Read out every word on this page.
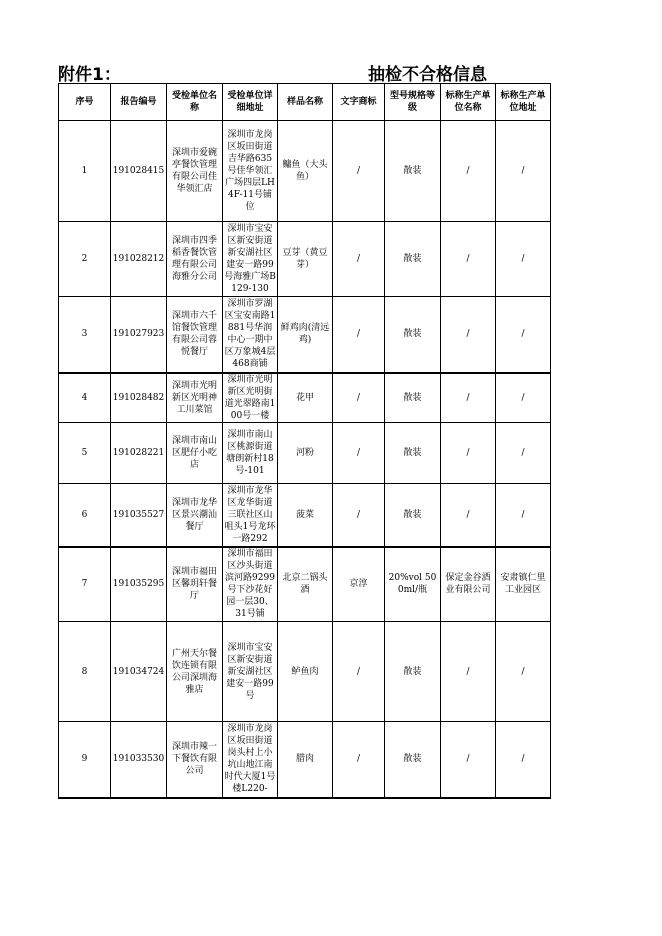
附件1：	抽检不合格信息
序号	报告编号	受检单位名称	受检单位详细地址	样品名称	文字商标	型号规格等级	标称生产单位名称	标称生产单位地址
1	191028415	深圳市爱碗亭餐饮管理有限公司佳华领汇店	深圳市龙岗区坂田街道吉华路635号佳华领汇广场四层LH4F-11号铺位	鳙鱼（大头鱼）	/	散装	/	/
2	191028212	深圳市四季稻香餐饮管理有限公司海雅分公司	深圳市宝安区新安街道新安湖社区建安一路99号海雅广场B129-130	豆芽（黄豆芽）	/	散装	/	/
3	191027923	深圳市六千馆餐饮管理有限公司蓉悦餐厅	深圳市罗湖区宝安南路1881号华润中心一期中区万象城4层468商铺	鲜鸡肉(清远鸡)	/	散装	/	/
4	191028482	深圳市光明新区光明神工川菜馆	深圳市光明新区光明街道光翠路南100号一楼	花甲	/	散装	/	/
5	191028221	深圳市南山区肥仔小吃店	深圳市南山区桃源街道塘朗新村18号-101	河粉	/	散装	/	/
6	191035527	深圳市龙华区景兴潮汕餐厅	深圳市龙华区龙华街道三联社区山咀头1号龙环一路292	菠菜	/	散装	/	/
7	191035295	深圳市福田区馨玥轩餐厅	深圳市福田区沙头街道滨河路9299号下沙花好园一层30、31号铺	北京二锅头酒	京淳	20%vol 500ml/瓶	保定金谷酒业有限公司	安肃镇仁里工业园区
8	191034724	广州天尔餐饮连锁有限公司深圳海雅店	深圳市宝安区新安街道新安湖社区建安一路99号	鲈鱼肉	/	散装	/	/
9	191033530	深圳市辣一下餐饮有限公司	深圳市龙岗区坂田街道岗头村上小坑山地江南时代大厦1号楼L220-	腊肉	/	散装	/	/
